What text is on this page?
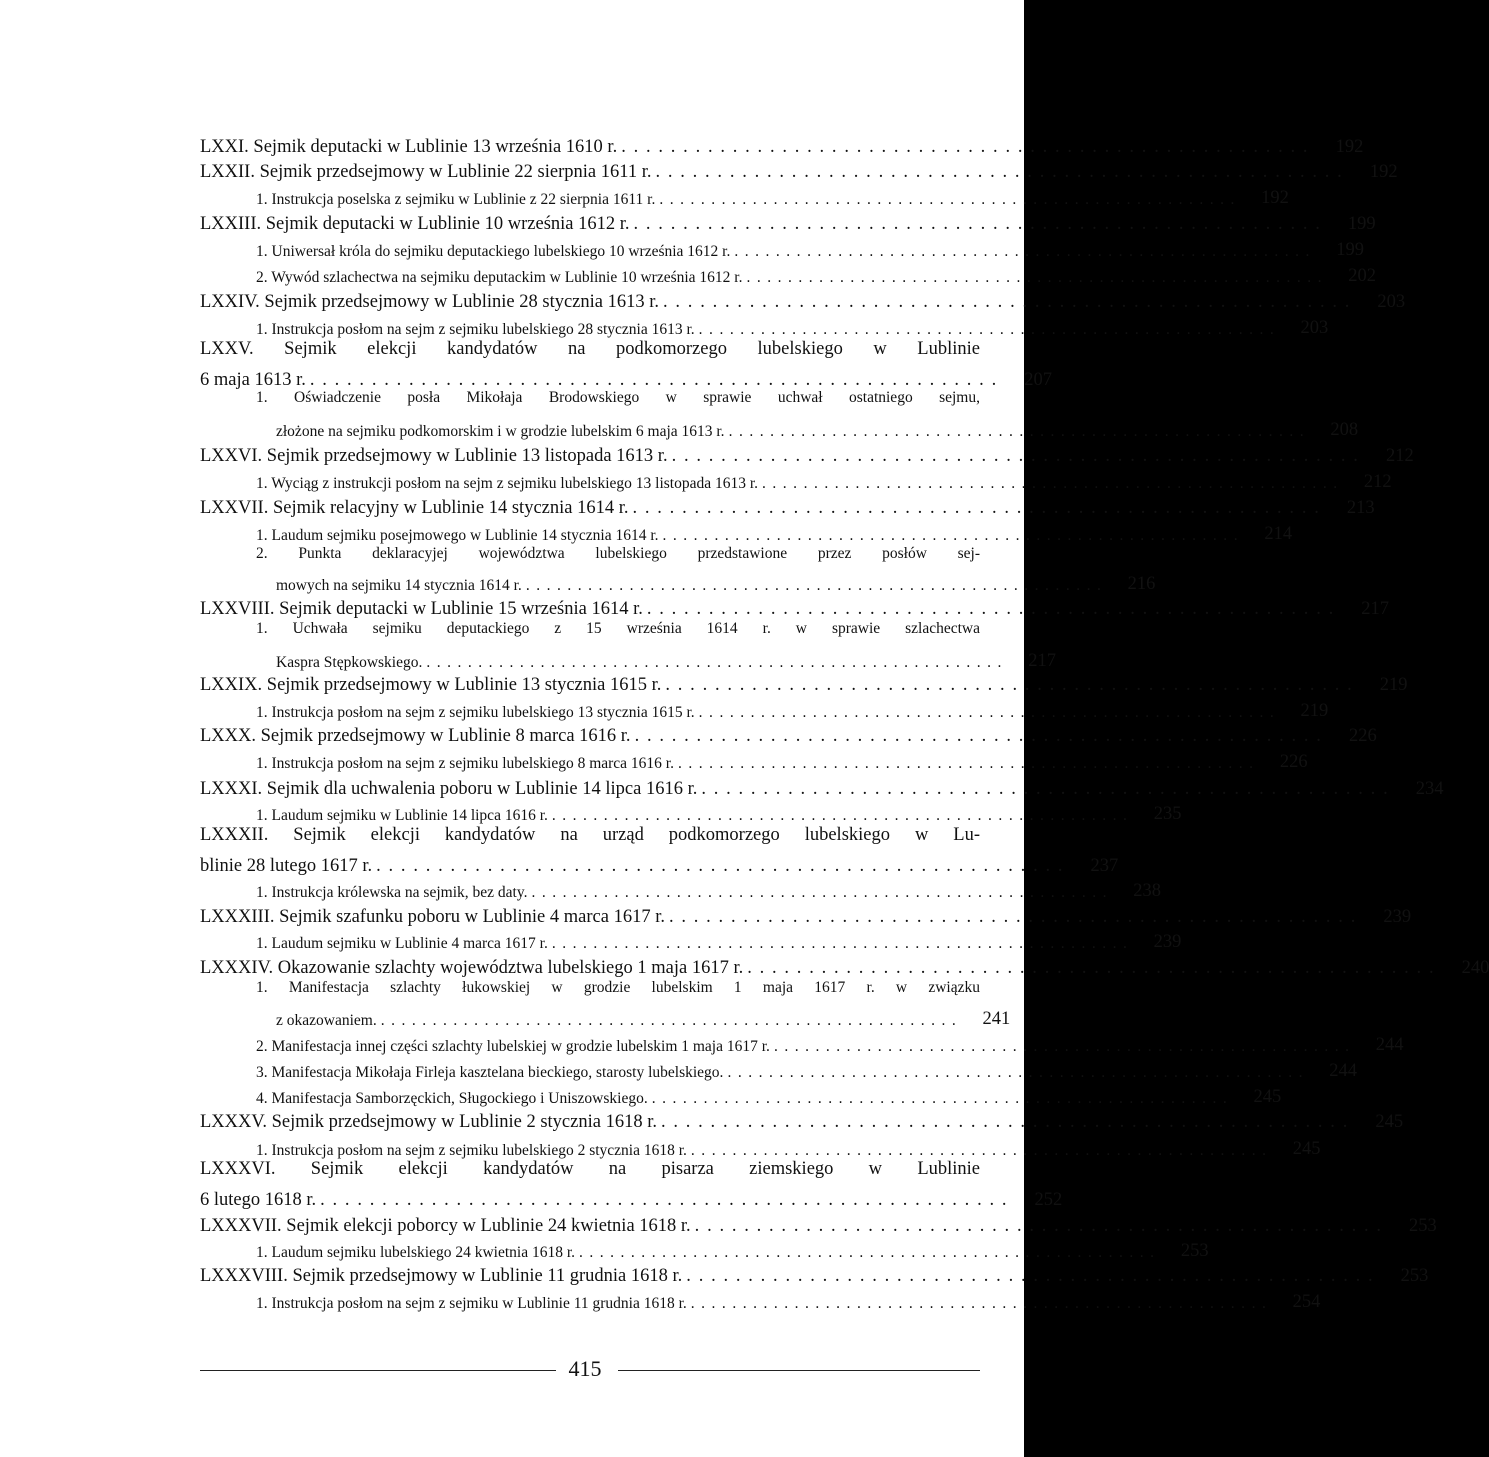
LXXI. Sejmik deputacki w Lublinie 13 września 1610 r. ........................................................	192
LXXII. Sejmik przedsejmowy w Lublinie 22 sierpnia 1611 r. ........................................................	192
1. Instrukcja poselska z sejmiku w Lublinie z 22 sierpnia 1611 r. ........................................................	192
LXXIII. Sejmik deputacki w Lublinie 10 września 1612 r. ........................................................	199
1. Uniwersał króla do sejmiku deputackiego lubelskiego 10 września 1612 r. ........................................................	199
2. Wywód szlachectwa na sejmiku deputackim w Lublinie 10 września 1612 r. ........................................................	202
LXXIV. Sejmik przedsejmowy w Lublinie 28 stycznia 1613 r. ........................................................	203
1. Instrukcja posłom na sejm z sejmiku lubelskiego 28 stycznia 1613 r. ........................................................	203
LXXV. Sejmik elekcji kandydatów na podkomorzego lubelskiego w Lublinie
6 maja 1613 r. ........................................................	207
1. Oświadczenie posła Mikołaja Brodowskiego w sprawie uchwał ostatniego sejmu,
złożone na sejmiku podkomorskim i w grodzie lubelskim 6 maja 1613 r. ........................................................	208
LXXVI. Sejmik przedsejmowy w Lublinie 13 listopada 1613 r. ........................................................	212
1. Wyciąg z instrukcji posłom na sejm z sejmiku lubelskiego 13 listopada 1613 r. ........................................................	212
LXXVII. Sejmik relacyjny w Lublinie 14 stycznia 1614 r. ........................................................	213
1. Laudum sejmiku posejmowego w Lublinie 14 stycznia 1614 r. ........................................................	214
2. Punkta deklaracyjej województwa lubelskiego przedstawione przez posłów sej-
mowych na sejmiku 14 stycznia 1614 r. ........................................................	216
LXXVIII. Sejmik deputacki w Lublinie 15 września 1614 r. ........................................................	217
1. Uchwała sejmiku deputackiego z 15 września 1614 r. w sprawie szlachectwa
Kaspra Stępkowskiego. ........................................................	217
LXXIX. Sejmik przedsejmowy w Lublinie 13 stycznia 1615 r. ........................................................	219
1. Instrukcja posłom na sejm z sejmiku lubelskiego 13 stycznia 1615 r. ........................................................	219
LXXX. Sejmik przedsejmowy w Lublinie 8 marca 1616 r. ........................................................	226
1. Instrukcja posłom na sejm z sejmiku lubelskiego 8 marca 1616 r. ........................................................	226
LXXXI. Sejmik dla uchwalenia poboru w Lublinie 14 lipca 1616 r. ........................................................	234
1. Laudum sejmiku w Lublinie 14 lipca 1616 r. ........................................................	235
LXXXII. Sejmik elekcji kandydatów na urząd podkomorzego lubelskiego w Lu-
blinie 28 lutego 1617 r. ........................................................	237
1. Instrukcja królewska na sejmik, bez daty. ........................................................	238
LXXXIII. Sejmik szafunku poboru w Lublinie 4 marca 1617 r. ........................................................	239
1. Laudum sejmiku w Lublinie 4 marca 1617 r. ........................................................	239
LXXXIV. Okazowanie szlachty województwa lubelskiego 1 maja 1617 r. ........................................................	240
1. Manifestacja szlachty łukowskiej w grodzie lubelskim 1 maja 1617 r. w związku
z okazowaniem. ........................................................	241
2. Manifestacja innej części szlachty lubelskiej w grodzie lubelskim 1 maja 1617 r. ........................................................	244
3. Manifestacja Mikołaja Firleja kasztelana bieckiego, starosty lubelskiego. ........................................................	244
4. Manifestacja Samborzęckich, Sługockiego i Uniszowskiego. ........................................................	245
LXXXV. Sejmik przedsejmowy w Lublinie 2 stycznia 1618 r. ........................................................	245
1. Instrukcja posłom na sejm z sejmiku lubelskiego 2 stycznia 1618 r. ........................................................	245
LXXXVI. Sejmik elekcji kandydatów na pisarza ziemskiego w Lublinie
6 lutego 1618 r. ........................................................	252
LXXXVII. Sejmik elekcji poborcy w Lublinie 24 kwietnia 1618 r. ........................................................	253
1. Laudum sejmiku lubelskiego 24 kwietnia 1618 r. ........................................................	253
LXXXVIII. Sejmik przedsejmowy w Lublinie 11 grudnia 1618 r. ........................................................	253
1. Instrukcja posłom na sejm z sejmiku w Lublinie 11 grudnia 1618 r. ........................................................	254
415
